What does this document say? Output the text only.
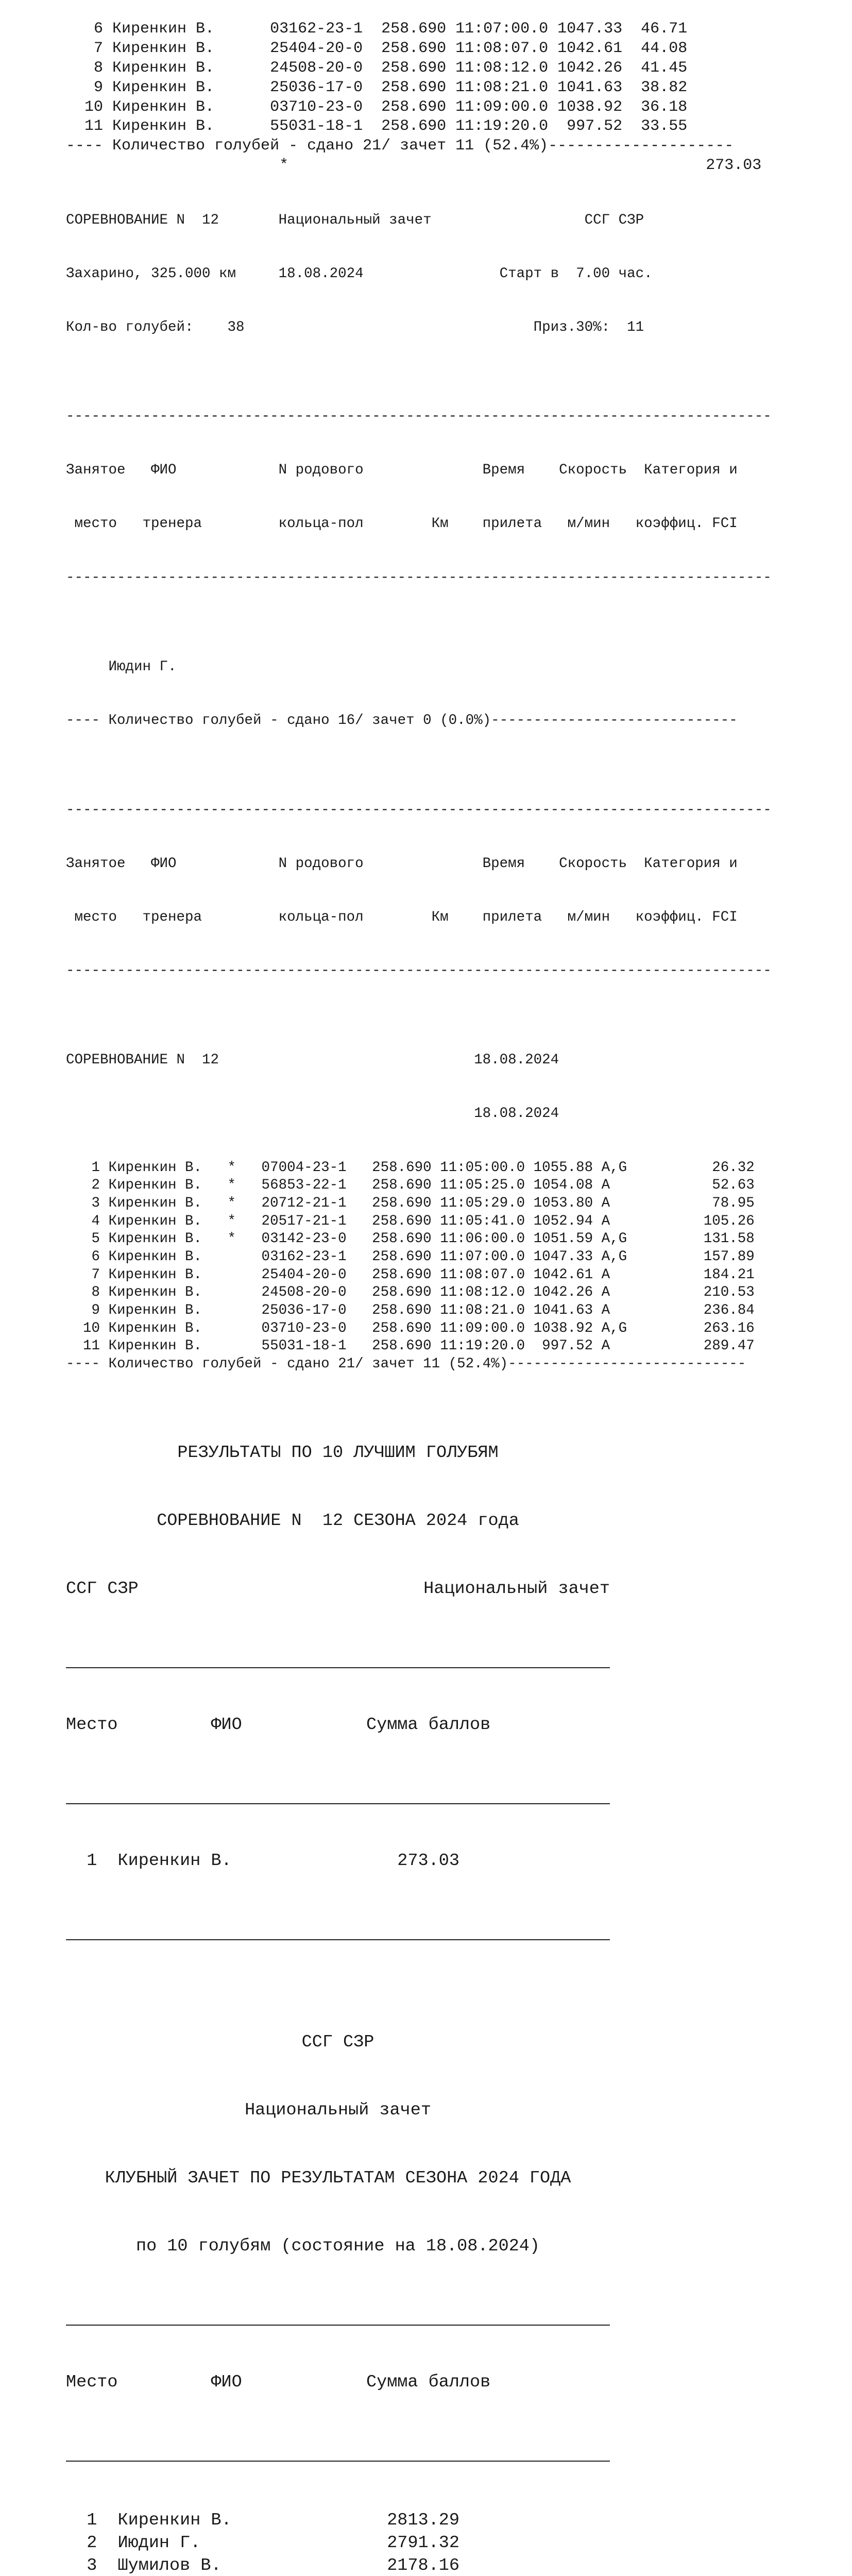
6 Киренкин В.      03162-23-1  258.690 11:07:00.0 1047.33  46.71
7 Киренкин В.      25404-20-0  258.690 11:08:07.0 1042.61  44.08
8 Киренкин В.      24508-20-0  258.690 11:08:12.0 1042.26  41.45
9 Киренкин В.      25036-17-0  258.690 11:08:21.0 1041.63  38.82
10 Киренкин В.      03710-23-0  258.690 11:09:00.0 1038.92  36.18
11 Киренкин В.      55031-18-1  258.690 11:19:20.0  997.52  33.55
---- Количество голубей - сдано 21/ зачет 11 (52.4%)--------------------
*                                             273.03

СОРЕВНОВАНИЕ N  12       Национальный зачет                  ССГ СЗР

Захарино, 325.000 км     18.08.2024                Старт в  7.00 час.

Кол-во голубей:    38                                  Приз.30%:  11

-----------------------------------------------------------------------------------

Занятое   ФИО            N родового              Время    Скорость  Категория и

место   тренера         кольца-пол        Км    прилета   м/мин   коэффиц. FCI

-----------------------------------------------------------------------------------

Июдин Г.

---- Количество голубей - сдано 16/ зачет 0 (0.0%)-----------------------------

-----------------------------------------------------------------------------------

Занятое   ФИО            N родового              Время    Скорость  Категория и

место   тренера         кольца-пол        Км    прилета   м/мин   коэффиц. FCI

-----------------------------------------------------------------------------------

СОРЕВНОВАНИЕ N  12                              18.08.2024

18.08.2024

1 Киренкин В.   *   07004-23-1   258.690 11:05:00.0 1055.88 A,G          26.32
2 Киренкин В.   *   56853-22-1   258.690 11:05:25.0 1054.08 A            52.63
3 Киренкин В.   *   20712-21-1   258.690 11:05:29.0 1053.80 A            78.95
4 Киренкин В.   *   20517-21-1   258.690 11:05:41.0 1052.94 A           105.26
5 Киренкин В.   *   03142-23-0   258.690 11:06:00.0 1051.59 A,G         131.58
6 Киренкин В.       03162-23-1   258.690 11:07:00.0 1047.33 A,G         157.89
7 Киренкин В.       25404-20-0   258.690 11:08:07.0 1042.61 A           184.21
8 Киренкин В.       24508-20-0   258.690 11:08:12.0 1042.26 A           210.53
9 Киренкин В.       25036-17-0   258.690 11:08:21.0 1041.63 A           236.84
10 Киренкин В.       03710-23-0   258.690 11:09:00.0 1038.92 A,G         263.16
11 Киренкин В.       55031-18-1   258.690 11:19:20.0  997.52 A           289.47
---- Количество голубей - сдано 21/ зачет 11 (52.4%)----------------------------

РЕЗУЛЬТАТЫ ПО 10 ЛУЧШИМ ГОЛУБЯМ

СОРЕВНОВАНИЕ N  12 СЕЗОНА 2024 года

ССГ СЗР	Национальный зачет

Место         ФИО            Сумма баллов

1  Киренкин В.                273.03

ССГ СЗР

Национальный зачет

КЛУБНЫЙ ЗАЧЕТ ПО РЕЗУЛЬТАТАМ СЕЗОНА 2024 ГОДА

по 10 голубям (состояние на 18.08.2024)

Место         ФИО            Сумма баллов

1  Киренкин В.               2813.29
2  Июдин Г.                  2791.32
3  Шумилов В.                2178.16
